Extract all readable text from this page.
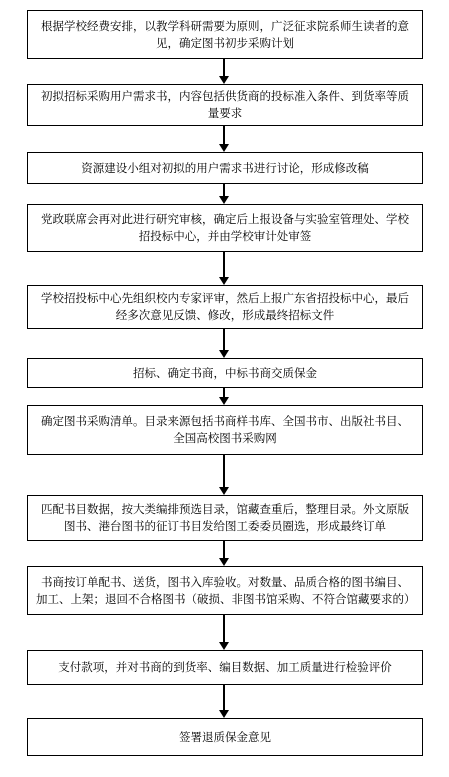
根据学校经费安排，以教学科研需要为原则，广泛征求院系师生读者的意见，确定图书初步采购计划
初拟招标采购用户需求书，内容包括供货商的投标准入条件、到货率等质量要求
资源建设小组对初拟的用户需求书进行讨论，形成修改稿
党政联席会再对此进行研究审核，确定后上报设备与实验室管理处、学校招投标中心，并由学校审计处审签
学校招投标中心先组织校内专家评审，然后上报广东省招投标中心，最后经多次意见反馈、修改，形成最终招标文件
招标、确定书商，中标书商交质保金
确定图书采购清单。目录来源包括书商样书库、全国书市、出版社书目、全国高校图书采购网
匹配书目数据，按大类编排预选目录，馆藏查重后，整理目录。外文原版图书、港台图书的征订书目发给图工委委员圈选，形成最终订单
书商按订单配书、送货，图书入库验收。对数量、品质合格的图书编目、加工、上架；退回不合格图书（破损、非图书馆采购、不符合馆藏要求的）
支付款项，并对书商的到货率、编目数据、加工质量进行检验评价
签署退质保金意见
